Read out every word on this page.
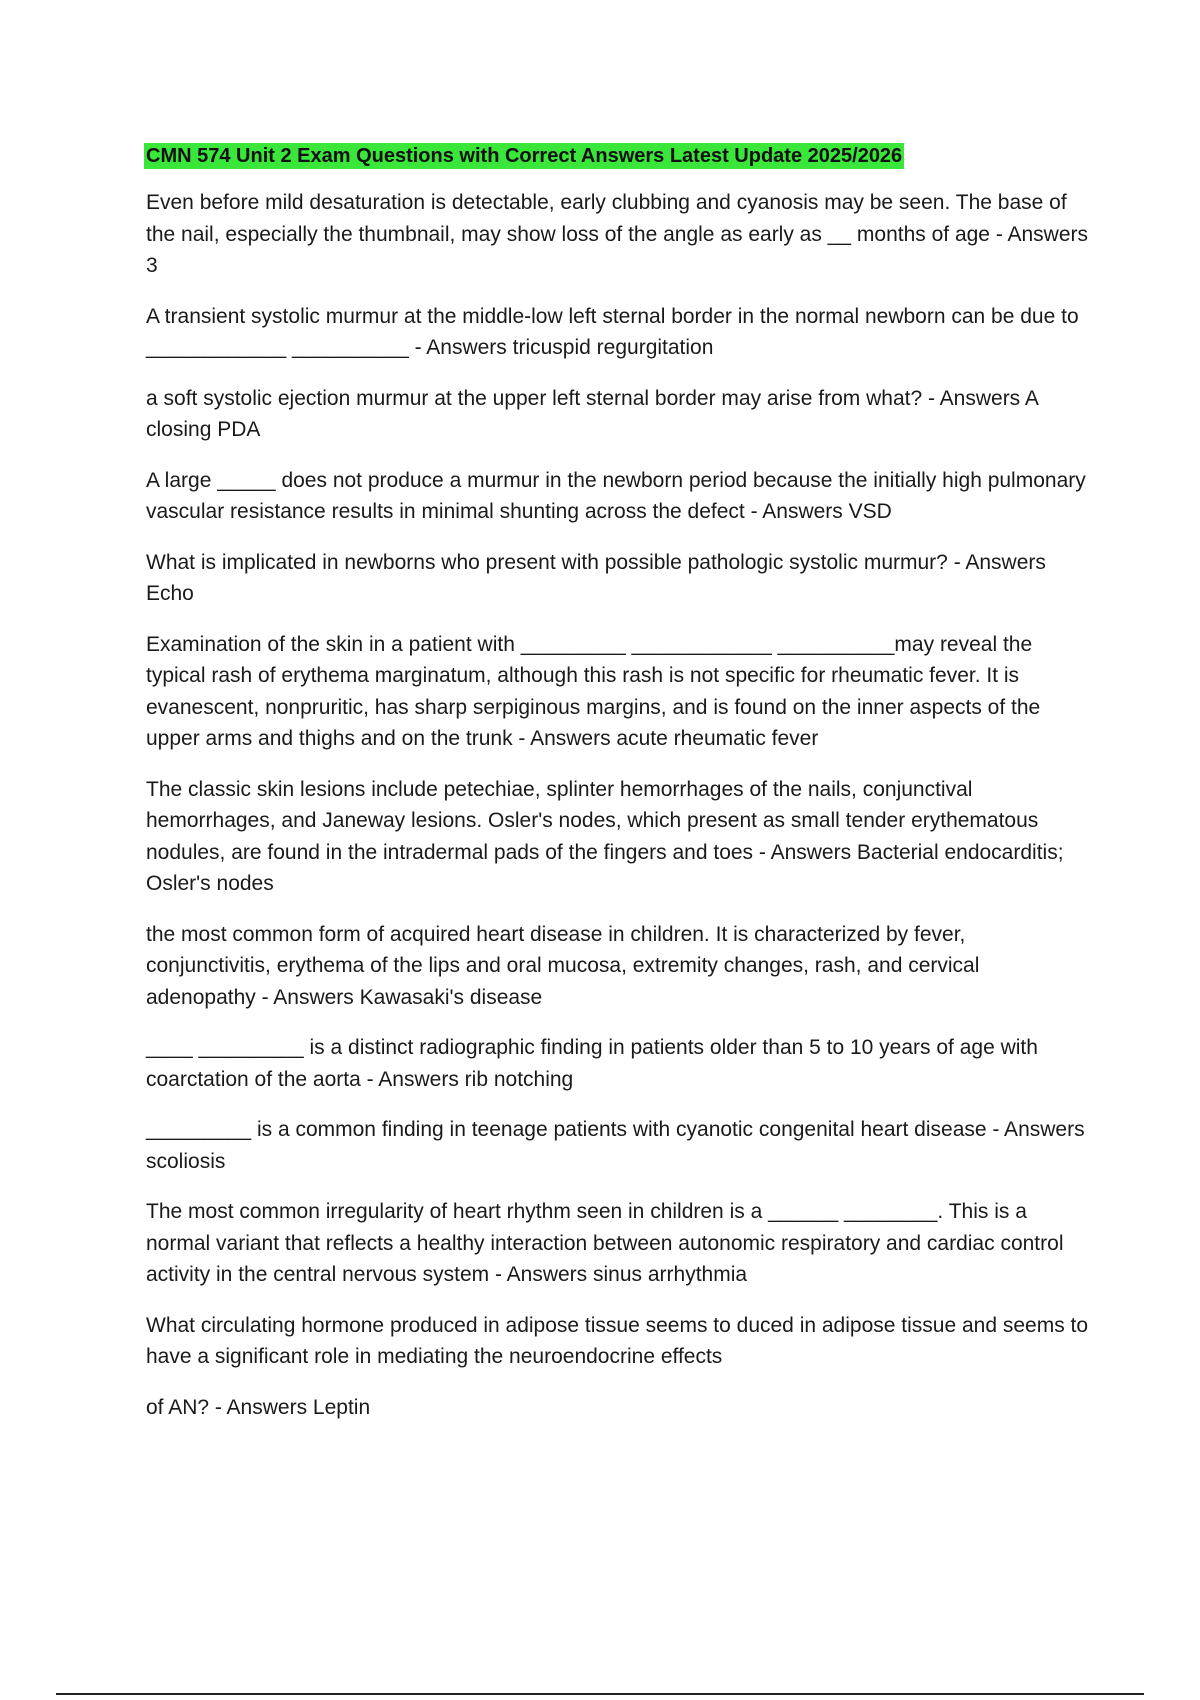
CMN 574 Unit 2 Exam Questions with Correct Answers Latest Update 2025/2026

Even before mild desaturation is detectable, early clubbing and cyanosis may be seen. The base of the nail, especially the thumbnail, may show loss of the angle as early as __ months of age - Answers 3

A transient systolic murmur at the middle-low left sternal border in the normal newborn can be due to ____________ __________ - Answers tricuspid regurgitation

a soft systolic ejection murmur at the upper left sternal border may arise from what? - Answers A closing PDA

A large _____ does not produce a murmur in the newborn period because the initially high pulmonary vascular resistance results in minimal shunting across the defect - Answers VSD

What is implicated in newborns who present with possible pathologic systolic murmur? - Answers Echo

Examination of the skin in a patient with _________ ____________ __________may reveal the typical rash of erythema marginatum, although this rash is not specific for rheumatic fever. It is evanescent, nonpruritic, has sharp serpiginous margins, and is found on the inner aspects of the upper arms and thighs and on the trunk - Answers acute rheumatic fever

The classic skin lesions include petechiae, splinter hemorrhages of the nails, conjunctival hemorrhages, and Janeway lesions. Osler's nodes, which present as small tender erythematous nodules, are found in the intradermal pads of the fingers and toes - Answers Bacterial endocarditis; Osler's nodes

the most common form of acquired heart disease in children. It is characterized by fever, conjunctivitis, erythema of the lips and oral mucosa, extremity changes, rash, and cervical adenopathy - Answers Kawasaki's disease

____ _________ is a distinct radiographic finding in patients older than 5 to 10 years of age with coarctation of the aorta - Answers rib notching

_________ is a common finding in teenage patients with cyanotic congenital heart disease - Answers scoliosis

The most common irregularity of heart rhythm seen in children is a ______ ________. This is a normal variant that reflects a healthy interaction between autonomic respiratory and cardiac control activity in the central nervous system - Answers sinus arrhythmia

What circulating hormone produced in adipose tissue seems to duced in adipose tissue and seems to have a significant role in mediating the neuroendocrine effects

of AN? - Answers Leptin
